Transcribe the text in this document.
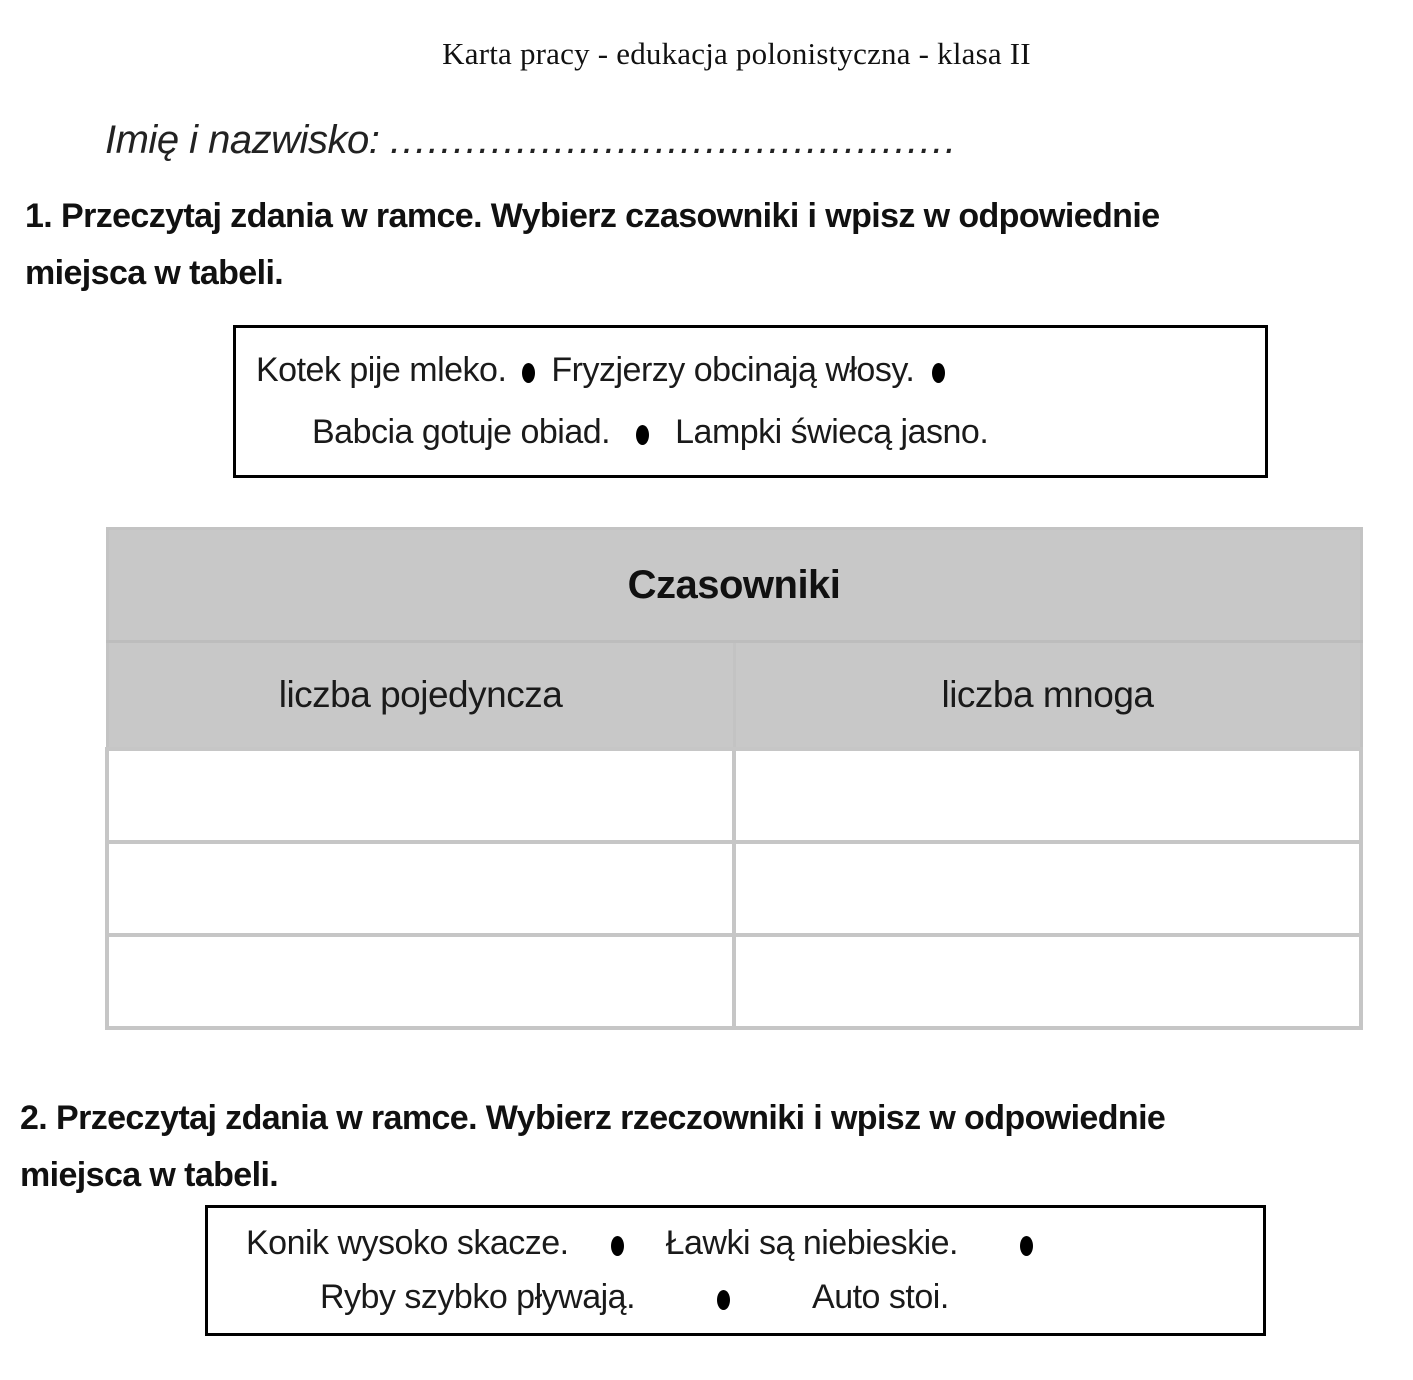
Karta pracy - edukacja polonistyczna - klasa II
Imię i nazwisko: .............................................
1. Przeczytaj zdania w ramce. Wybierz czasowniki i wpisz w odpowiednie
miejsca w tabeli.
Kotek pije mleko. Fryzjerzy obcinają włosy.
Babcia gotuje obiad. Lampki świecą jasno.
Czasowniki	
liczba pojedyncza	liczba mnoga

2. Przeczytaj zdania w ramce. Wybierz rzeczowniki i wpisz w odpowiednie
miejsca w tabeli.
Konik wysoko skacze.	Ławki są niebieskie.
Ryby szybko pływają.	Auto stoi.
